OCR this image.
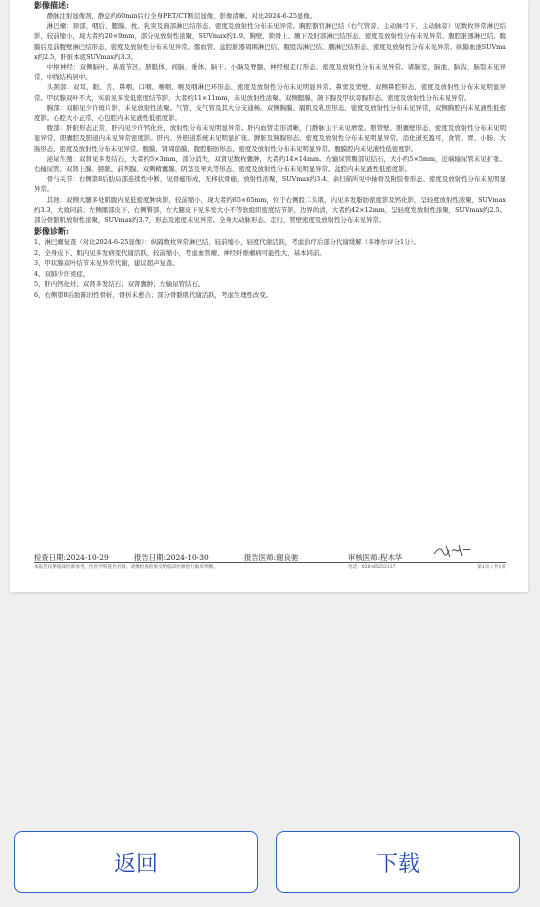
影像描述:

静脉注射显像剂，静息约60min后行全身PET/CT断层显像，影像清晰。对比2024-6-25显像。

淋巴瘤：颈部、咽后、腮腺、枕、乳突及面部淋巴结形态、密度及放射性分布未见异常。胸腔器官淋巴结（右气管旁、主动脉弓下、主动脉旁）见数枚异常淋巴结影，较前缩小，现大者约20×9mm，部分见放射性浓聚，SUVmax约1.9。胸壁、锁骨上、腋下及肘部淋巴结形态、密度及放射性分布未见异常。腹腔脏器淋巴结、腹膜后及前腹壁淋巴结形态、密度及放射性分布未见异常。髂血管、盆腔脏器周围淋巴结、腹股沟淋巴结、腘淋巴结形态、密度及放射性分布未见异常。纵隔血池SUVmax约2.5，肝脏本底SUVmax约3.3。

中枢神经：双侧脑叶、基底节区、脐胝体、间脑、垂体、脑干、小脑及脊髓、神经根走行形态、密度及放射性分布未见异常。诸脑室、脑池、脑沟、脑裂未见异常，中线结构居中。

头颈部：双耳、眼、舌、鼻咽、口咽、喉咽、喉及咽淋巴环形态、密度及放射性分布未见明显异常。鼻窦及窦壁、双侧鼻腔形态、密度及放射性分布未见明显异常。甲状腺双叶不大，实质见多发低密度结节影，大者约11×11mm，未见放射性浓聚。双侧腮腺、颌下腺及甲状旁腺形态、密度及放射性分布未见异常。

胸部：双肺见少许斑片影，未见放射性浓聚。气管、支气管及其大分支通畅。双侧胸膜、膈肌及乳房形态、密度及放射性分布未见异常，双侧胸腔内未见液性低密度影。心腔大小正常，心包腔内未见液性低密度影。

腹部：肝脏形态正常，肝内见少许钙化灶，放射性分布未见明显异常。肝内血管走形清晰，门静脉主干未见增宽。胆管壁、胆囊壁形态、密度及放射性分布未见明显异常，胆囊腔及胆道内未见异常密度影。肝内、外胆道系统未见明显扩张。脾脏及胰腺形态、密度及放射性分布未见明显异常。消化道充盈可，食管、胃、小肠、大肠形态、密度及放射性分布未见异常。腹膜、肾周筋膜、腹腔脂肪形态、密度及放射性分布未见明显异常。腹膜腔内未见液性低密度影。

泌尿生殖：双肾见多发结石，大者约5×3mm，部分消失，双肾见数枚囊肿，大者约14×14mm。左输尿管腹部见结石，大小约5×5mm，近端输尿管未见扩张。右输尿管、双肾上腺、膀胱、前列腺、双侧精囊腺、阴茎及睾丸等形态、密度及放射性分布未见明显异常。盆腔内未见液性低密度影。

骨与关节：右侧第8后肋局部连续性中断，见骨痂形成，无移状骨痂，放射性浓聚，SUVmax约3.4。余扫描所见中轴骨及附肢骨形态、密度及放射性分布未见明显异常。

其他：双侧大腿多处肌腹内见低密度肿块影，较前缩小，现大者约65×65mm，位于右侧股二头肌，内见多发脂肪密度影及钙化影，呈轻度放射性浓聚，SUVmax约3.3，大致同前；左侧髂部皮下、右侧臀部，左大腿皮下见多发大小不等软组织密度结节影，边界尚清，大者约42×12mm，呈轻度发放射性浓聚，SUVmax约2.5。部分骨骼肌放射性浓聚，SUVmax约3.7，形态及密度未见异常。全身大动脉形态、走行、管壁密度及放射性分布未见异常。

影像诊断:

1、淋巴瘤复查（对比2024-6-25显像）：纵隔数枚异常淋巴结，较前缩小，轻度代谢活跃，考虑治疗后部分代谢缓解（多维尔评分1分）。

2、全身皮下、肌内见多发病变代谢活跃，较前缩小，考虑血管瘤、神经纤维瘤病可能性大，基本同前。

3、甲状腺双叶结节未见异常代谢，建议超声复查。

4、双肺少许炎症。

5、肝内钙化灶；双肾多发结石；双肾囊肿；左输尿管结石。

6、右侧第8后肋陈旧性骨折，骨折未愈合；部分骨骼肌代谢活跃，考虑生理性改变。

检查日期:2024-10-29	报告日期:2024-10-30	报告医师:谢良驰	审核医师:程木华
本报告仅供临床医师参考，医医学科签名有效。请携检查结果交给临床医师进行临床判断。	电话：020-85253137	第1页 / 共1页
返回	下载
